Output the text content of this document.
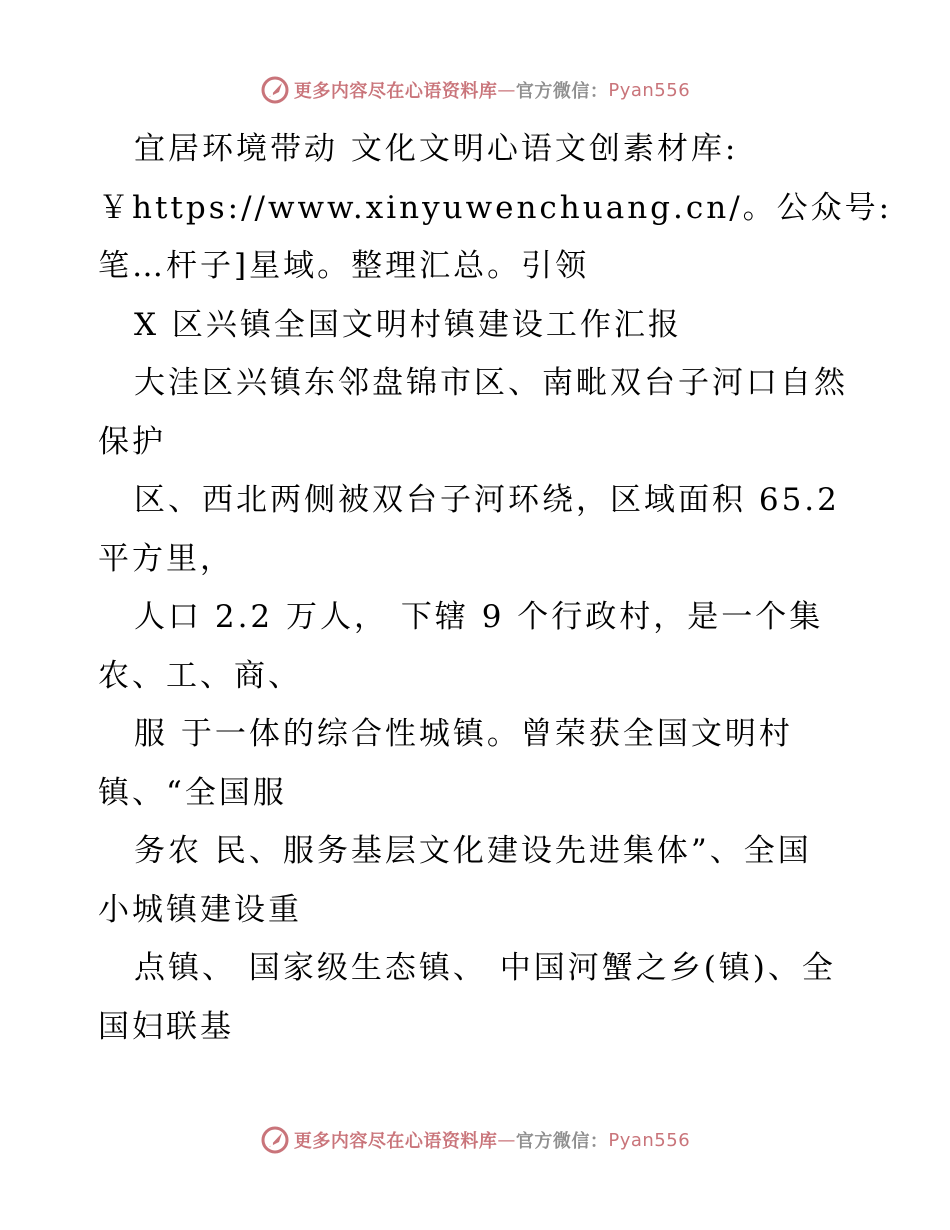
更多内容尽在心语资料库 — 官方微信： Pyan556
宜居环境带动 文化文明心语文创素材库:
￥https://www.xinyuwenchuang.cn/。公众号:
笔…杆子]星域。整理汇总。引领
X 区兴镇全国文明村镇建设工作汇报
大洼区兴镇东邻盘锦市区、南毗双台子河口自然
保护
区、西北两侧被双台子河环绕，区域面积 65.2
平方里，
人口 2.2 万人， 下辖 9 个行政村，是一个集
农、工、商、
服 于一体的综合性城镇。曾荣获全国文明村
镇、“全国服
务农 民、服务基层文化建设先进集体”、全国
小城镇建设重
点镇、 国家级生态镇、 中国河蟹之乡(镇)、全
国妇联基
更多内容尽在心语资料库 — 官方微信： Pyan556
